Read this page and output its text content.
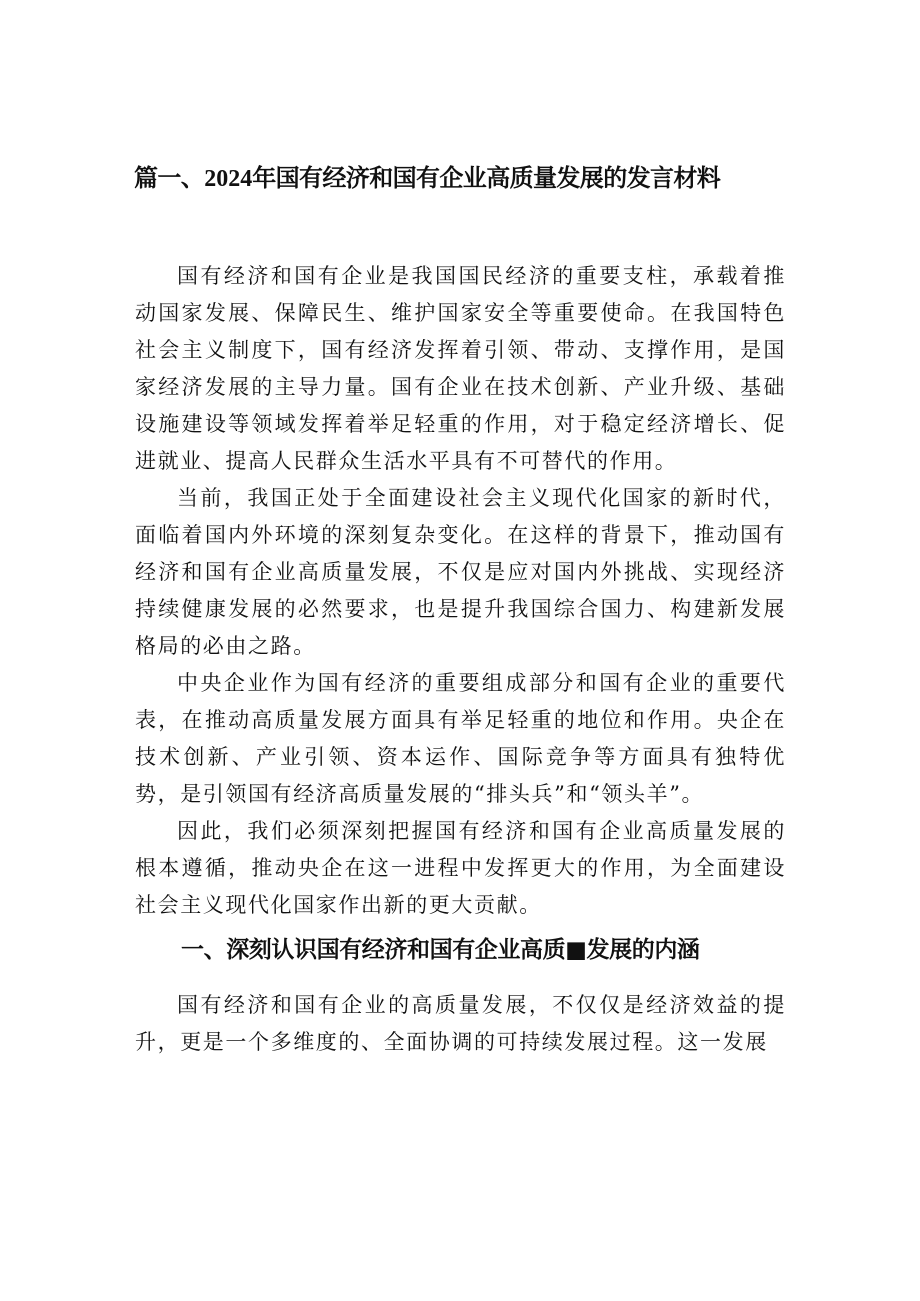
篇一、2024年国有经济和国有企业高质量发展的发言材料

国有经济和国有企业是我国国民经济的重要支柱，承载着推动国家发展、保障民生、维护国家安全等重要使命。在我国特色社会主义制度下，国有经济发挥着引领、带动、支撑作用，是国家经济发展的主导力量。国有企业在技术创新、产业升级、基础设施建设等领域发挥着举足轻重的作用，对于稳定经济增长、促进就业、提高人民群众生活水平具有不可替代的作用。

当前，我国正处于全面建设社会主义现代化国家的新时代，面临着国内外环境的深刻复杂变化。在这样的背景下，推动国有经济和国有企业高质量发展，不仅是应对国内外挑战、实现经济持续健康发展的必然要求，也是提升我国综合国力、构建新发展格局的必由之路。

中央企业作为国有经济的重要组成部分和国有企业的重要代表，在推动高质量发展方面具有举足轻重的地位和作用。央企在技术创新、产业引领、资本运作、国际竞争等方面具有独特优势，是引领国有经济高质量发展的“排头兵”和“领头羊”。

因此，我们必须深刻把握国有经济和国有企业高质量发展的根本遵循，推动央企在这一进程中发挥更大的作用，为全面建设社会主义现代化国家作出新的更大贡献。

一、深刻认识国有经济和国有企业高质■发展的内涵

国有经济和国有企业的高质量发展，不仅仅是经济效益的提升，更是一个多维度的、全面协调的可持续发展过程。这一发展
